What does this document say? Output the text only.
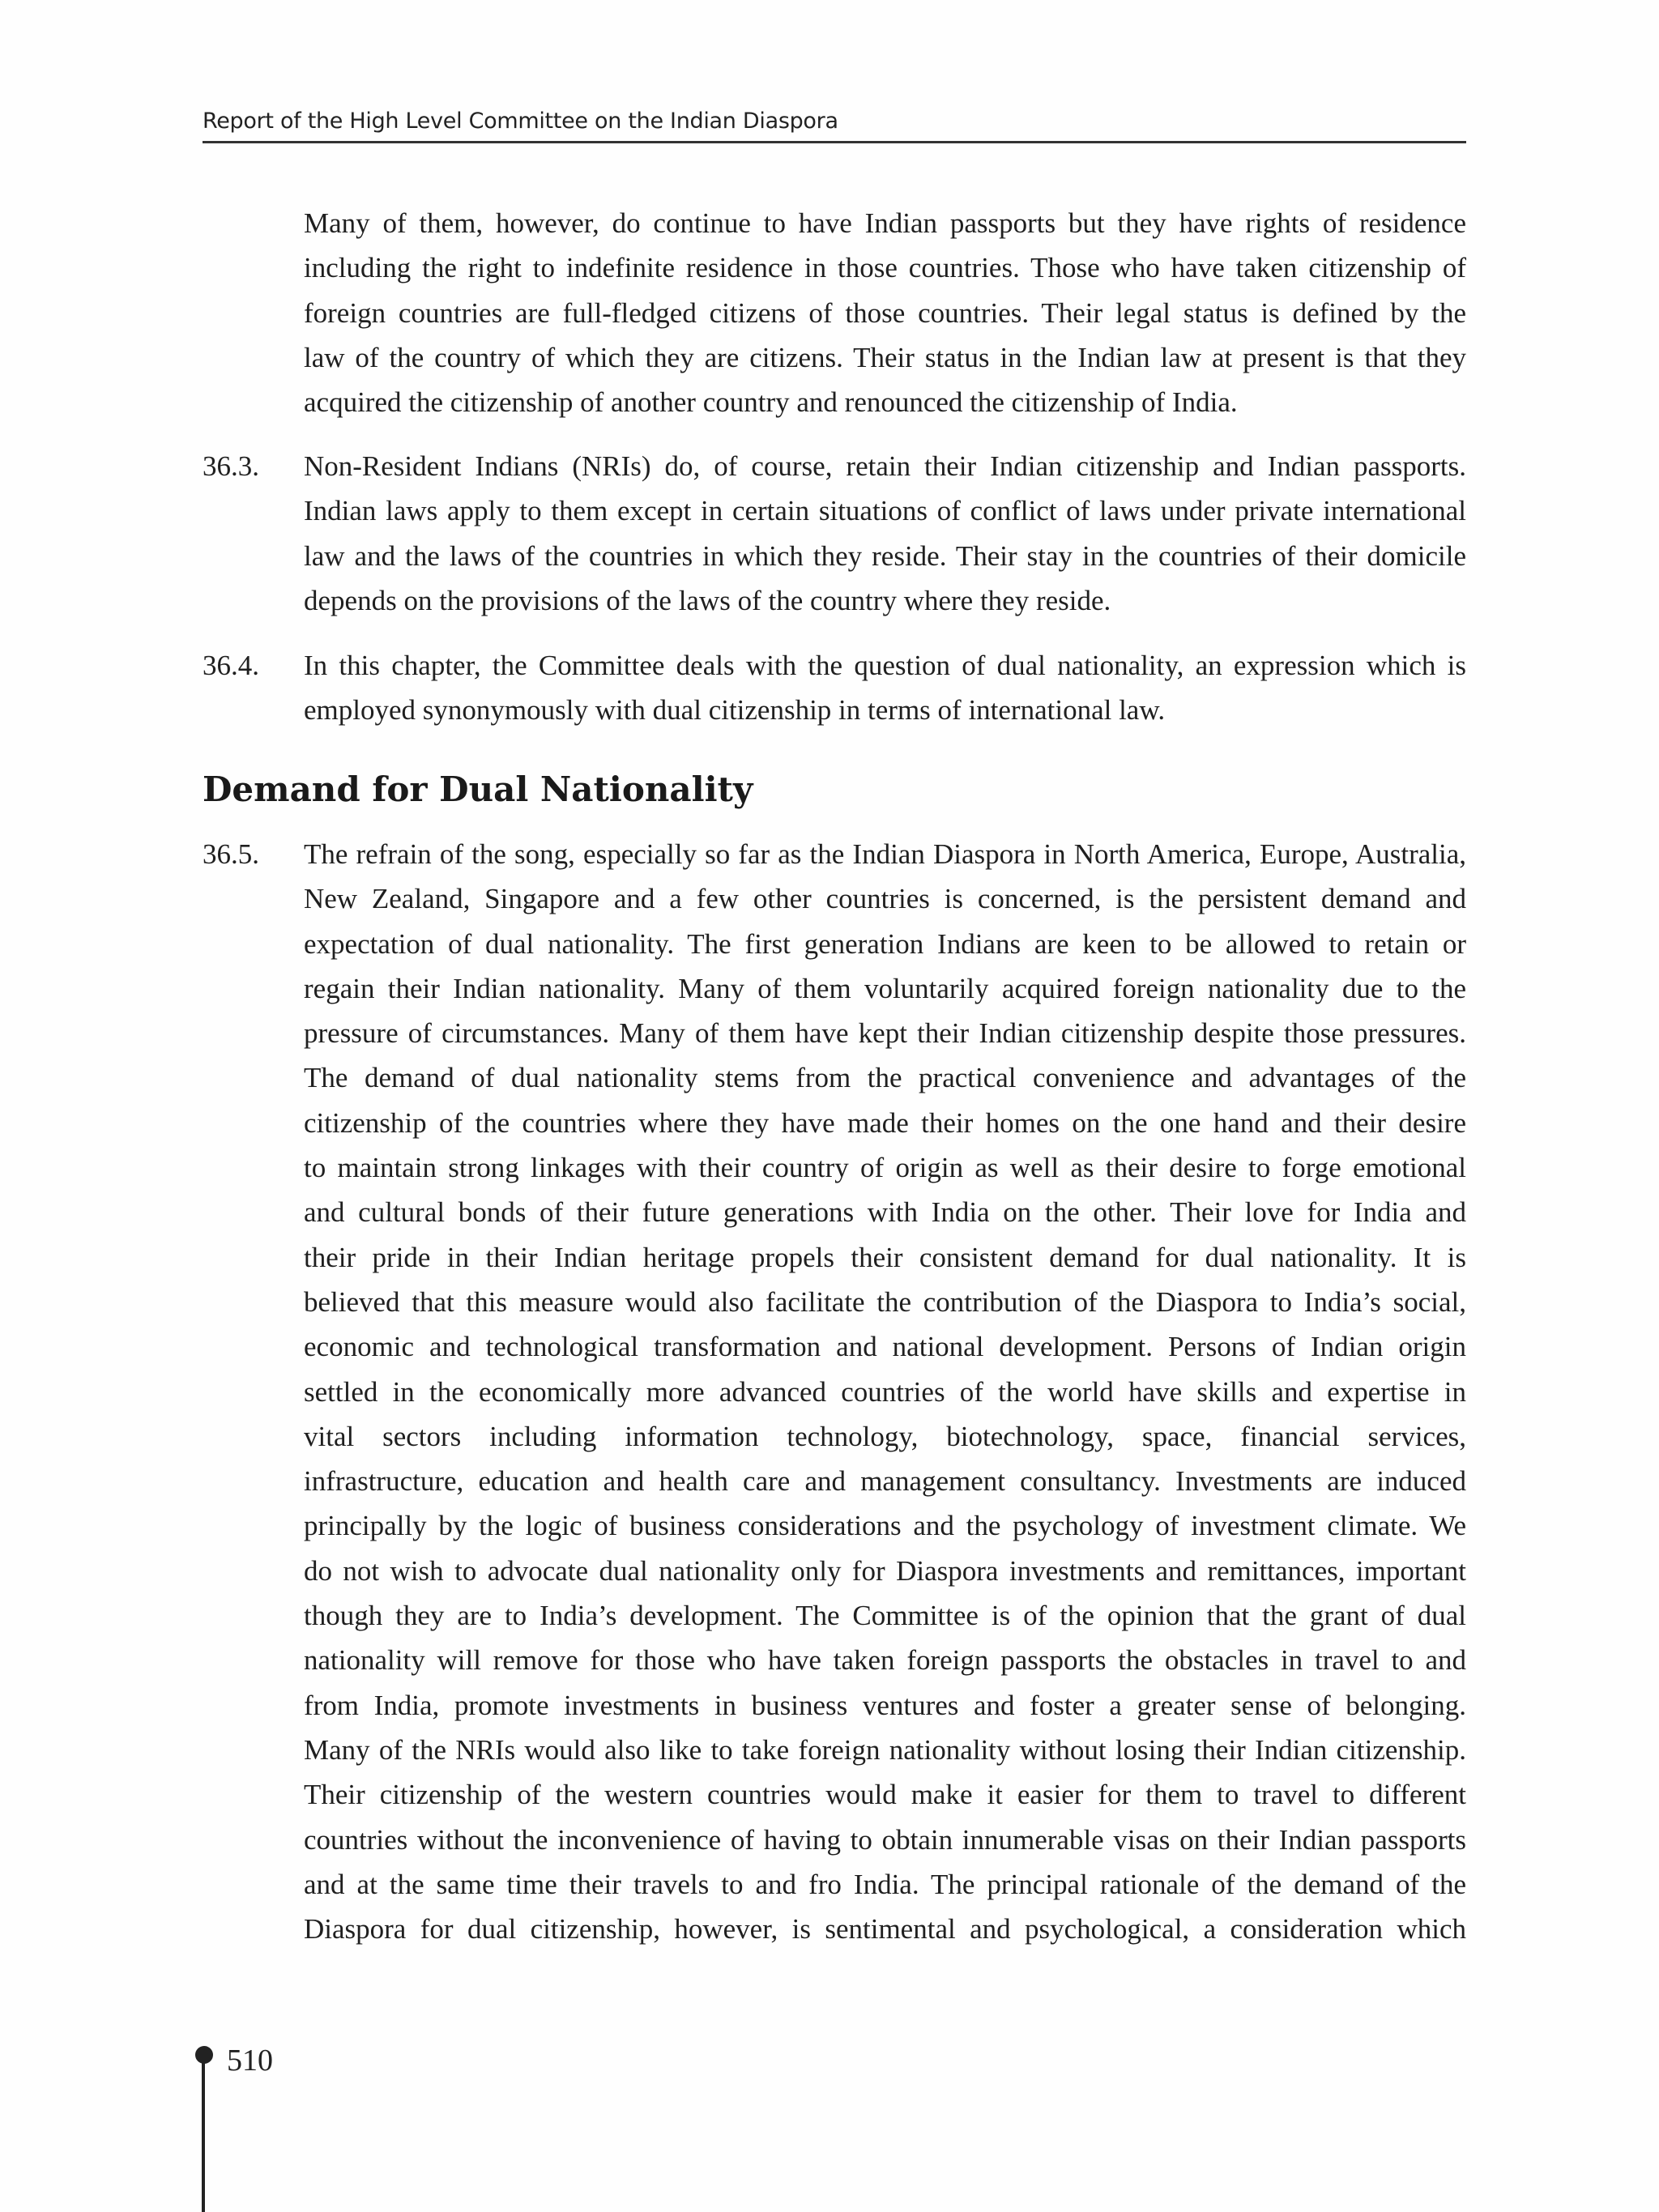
Report of the High Level Committee on the Indian Diaspora
Many of them, however, do continue to have Indian passports but they have rights of residence
including the right to indefinite residence in those countries. Those who have taken citizenship of
foreign countries are full-fledged citizens of those countries. Their legal status is defined by the
law of the country of which they are citizens. Their status in the Indian law at present is that they
acquired the citizenship of another country and renounced the citizenship of India.
36.3. Non-Resident Indians (NRIs) do, of course, retain their Indian citizenship and Indian passports.
Indian laws apply to them except in certain situations of conflict of laws under private international
law and the laws of the countries in which they reside. Their stay in the countries of their domicile
depends on the provisions of the laws of the country where they reside.
36.4. In this chapter, the Committee deals with the question of dual nationality, an expression which is
employed synonymously with dual citizenship in terms of international law.
Demand for Dual Nationality
36.5. The refrain of the song, especially so far as the Indian Diaspora in North America, Europe, Australia,
New Zealand, Singapore and a few other countries is concerned, is the persistent demand and
expectation of dual nationality. The first generation Indians are keen to be allowed to retain or
regain their Indian nationality. Many of them voluntarily acquired foreign nationality due to the
pressure of circumstances. Many of them have kept their Indian citizenship despite those pressures.
The demand of dual nationality stems from the practical convenience and advantages of the
citizenship of the countries where they have made their homes on the one hand and their desire
to maintain strong linkages with their country of origin as well as their desire to forge emotional
and cultural bonds of their future generations with India on the other. Their love for India and
their pride in their Indian heritage propels their consistent demand for dual nationality. It is
believed that this measure would also facilitate the contribution of the Diaspora to India’s social,
economic and technological transformation and national development. Persons of Indian origin
settled in the economically more advanced countries of the world have skills and expertise in
vital sectors including information technology, biotechnology, space, financial services,
infrastructure, education and health care and management consultancy. Investments are induced
principally by the logic of business considerations and the psychology of investment climate. We
do not wish to advocate dual nationality only for Diaspora investments and remittances, important
though they are to India’s development. The Committee is of the opinion that the grant of dual
nationality will remove for those who have taken foreign passports the obstacles in travel to and
from India, promote investments in business ventures and foster a greater sense of belonging.
Many of the NRIs would also like to take foreign nationality without losing their Indian citizenship.
Their citizenship of the western countries would make it easier for them to travel to different
countries without the inconvenience of having to obtain innumerable visas on their Indian passports
and at the same time their travels to and fro India. The principal rationale of the demand of the
Diaspora for dual citizenship, however, is sentimental and psychological, a consideration which
510
